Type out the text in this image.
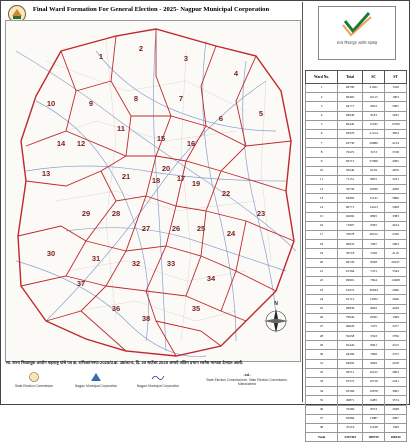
Final Ward Formation For General Election - 2025- Nagpur Municipal Corporation
N
1
2
3
4
5
6
7
8
9
10
11
12
13
14
15
16
17
18	19
20
21
22
23
24
25
26
27
28
29
30
31
32	33
34
35
36
37
38
सा. राज्य निवडणूक आयोग महाराष्ट्र यांचे पत्र क्र. रानिआ/मनपा-2025/प्र.क्र. 38/का-5, दि. 30 सप्टेंबर 2025 अन्वये अंतिम प्रभाग रचनेस मान्यता देण्यात आली.
State Election Commission	Nagpur Municipal Corporation	Nagpur Municipal Corporation
-sd-
State Election Commissioner, State Election Commission, Maharashtra
राज्य निवडणूक आयोग महाराष्ट्र
Ward No.	Total	SC	ST
1	69790	21021	1520
2	69465	16115	1903
3	64771	6652	5065
4	66949	9183	2032
5	69442	15185	12760
6	63979	21214	3854
7	63730	29680	4134
8	70472	3153	3748
9	60715	27066	2065
10	59240	6129	4676
11	71151	8655	3231
12	59736	16939	4296
13	62892	15141	5866
14	60771	14413	5468
15	62692	6895	3383
16	71807	9395	4014
17	70678	28212	2336
18	69032	7097	2993
19	59718	5326	4119
20	69726	8508	29237
21	61394	7231	5344
22	69901	7844	12468
23	61672	30044	2040
24	61712	13052	2046
25	66836	6602	4249
26	79642	16501	1369
27	60626	7475	3277
28	59458	5563	3796
29	62443	8061	4315
30	64296	7666	2375
31	64092	9649	2018
32	69711	10215	2603
33	67572	10716	2431
34	65566	10078	3695
35	49871	6485	3574
36	70269	8553	2048
37	63684	13987	2967
38	47216	11438	1399
Total	2447494	480759	180444
